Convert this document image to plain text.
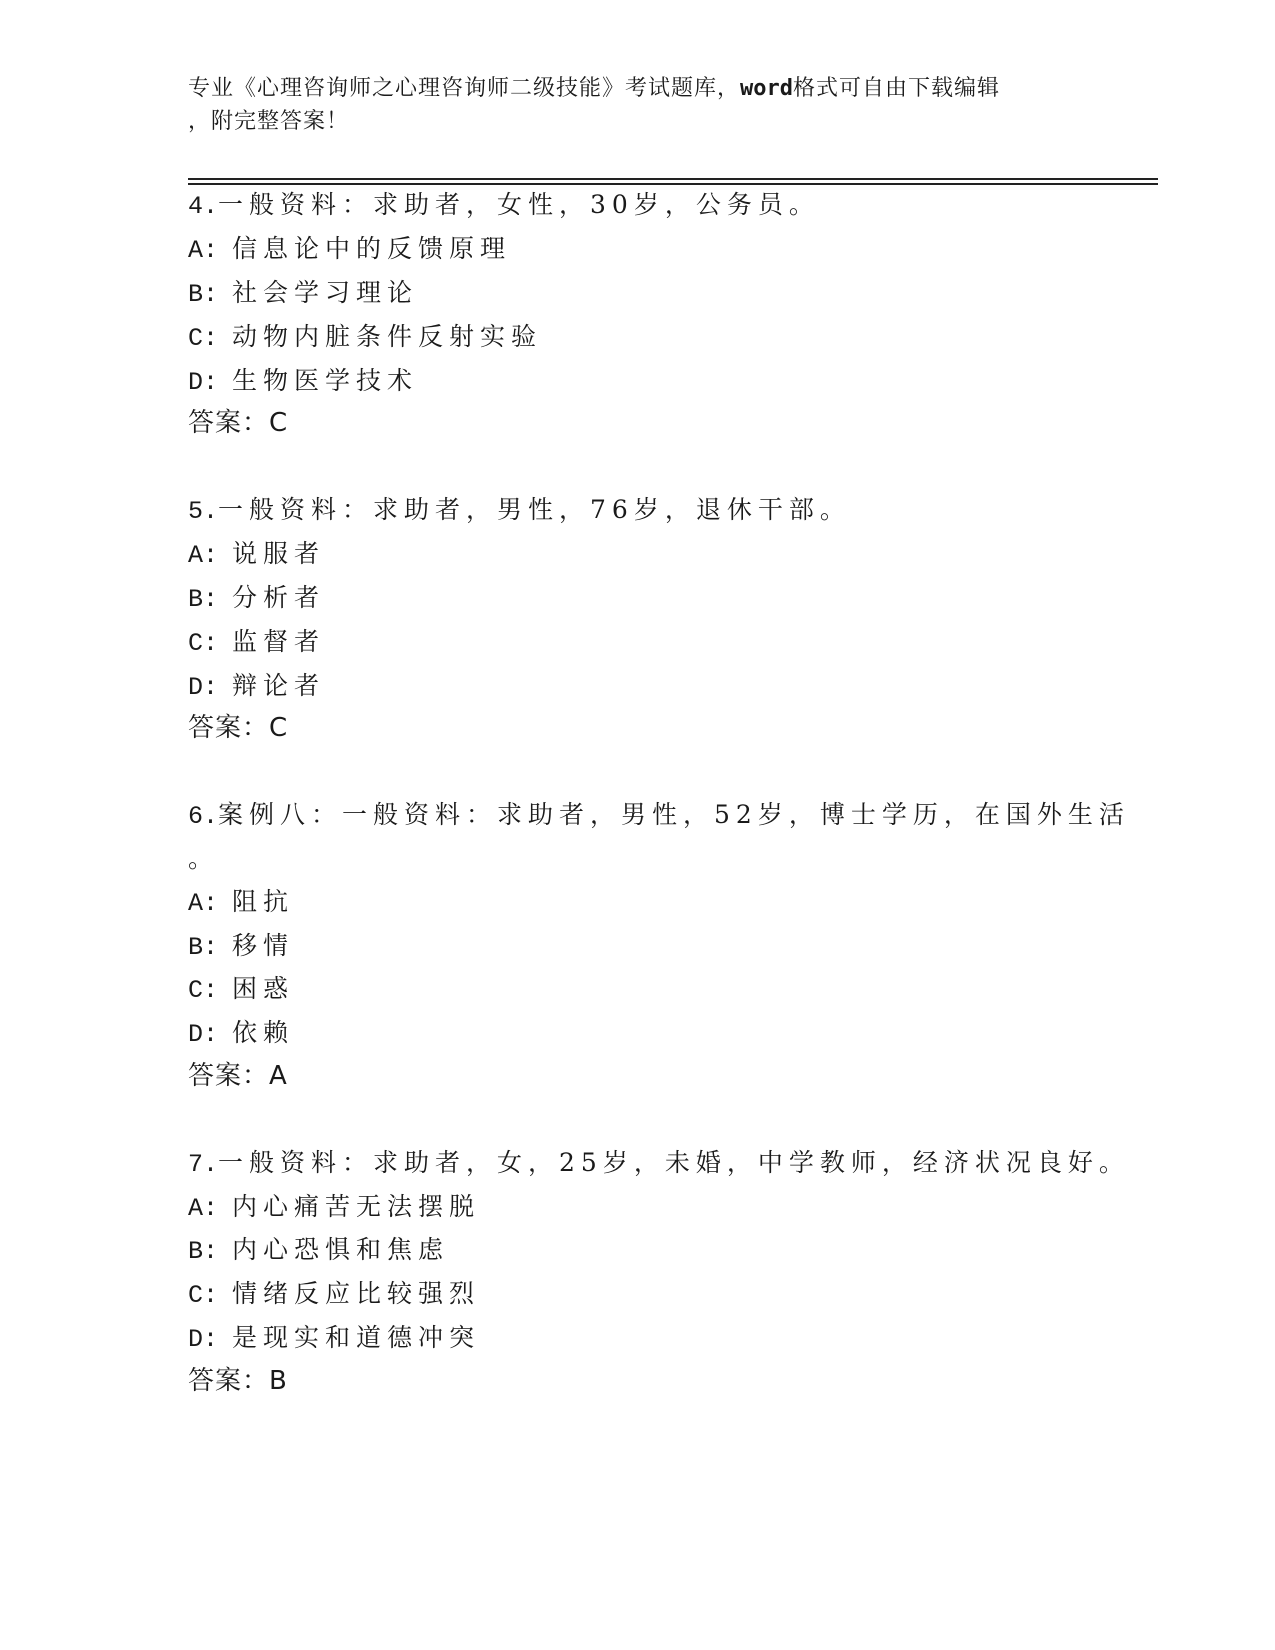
专业《心理咨询师之心理咨询师二级技能》考试题库，word格式可自由下载编辑
，附完整答案！
4.一般资料：求助者，女性，30岁，公务员。
A: 信息论中的反馈原理
B: 社会学习理论
C: 动物内脏条件反射实验
D: 生物医学技术
答案：C
5.一般资料：求助者，男性，76岁，退休干部。
A: 说服者
B: 分析者
C: 监督者
D: 辩论者
答案：C
6.案例八：一般资料：求助者，男性，52岁，博士学历，在国外生活
。
A: 阻抗
B: 移情
C: 困惑
D: 依赖
答案：A
7.一般资料：求助者，女，25岁，未婚，中学教师，经济状况良好。
A: 内心痛苦无法摆脱
B: 内心恐惧和焦虑
C: 情绪反应比较强烈
D: 是现实和道德冲突
答案：B
